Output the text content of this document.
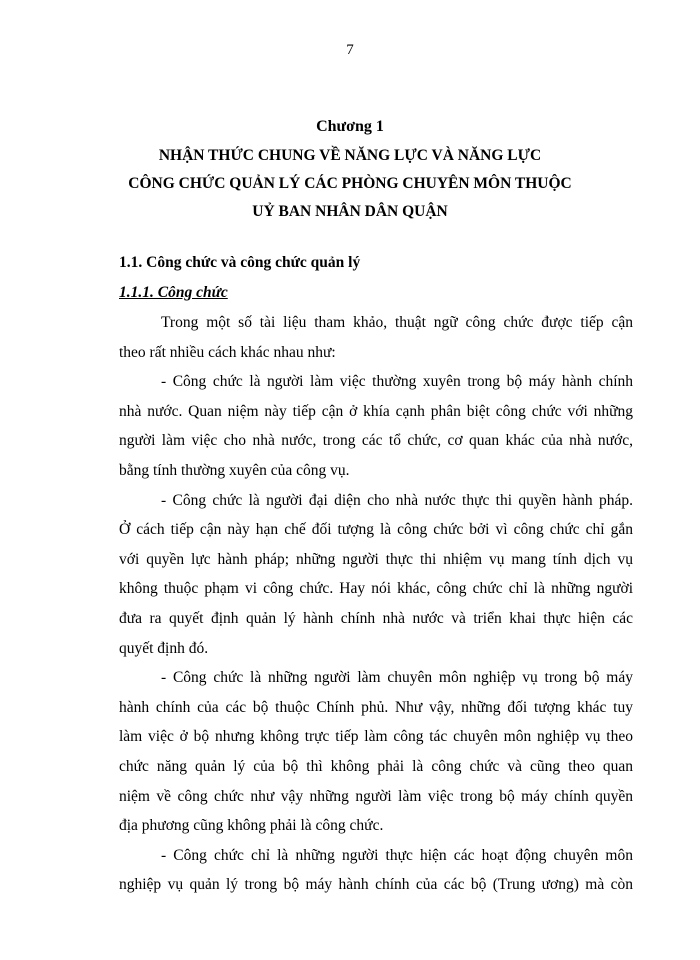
7

Chương 1

NHẬN THỨC CHUNG VỀ NĂNG LỰC VÀ NĂNG LỰC
CÔNG CHỨC QUẢN LÝ CÁC PHÒNG CHUYÊN MÔN THUỘC
UỶ BAN NHÂN DÂN QUẬN

1.1. Công chức và công chức quản lý

1.1.1. Công chức

Trong một số tài liệu tham khảo, thuật ngữ công chức được tiếp cận
theo rất nhiều cách khác nhau như:

- Công chức là người làm việc thường xuyên trong bộ máy hành chính
nhà nước. Quan niệm này tiếp cận ở khía cạnh phân biệt công chức với những
người làm việc cho nhà nước, trong các tổ chức, cơ quan khác của nhà nước,
bằng tính thường xuyên của công vụ.

- Công chức là người đại diện cho nhà nước thực thi quyền hành pháp.
Ở cách tiếp cận này hạn chế đối tượng là công chức bởi vì công chức chỉ gắn
với quyền lực hành pháp; những người thực thi nhiệm vụ mang tính dịch vụ
không thuộc phạm vi công chức. Hay nói khác, công chức chỉ là những người
đưa ra quyết định quản lý hành chính nhà nước và triển khai thực hiện các
quyết định đó.

- Công chức là những người làm chuyên môn nghiệp vụ trong bộ máy
hành chính của các bộ thuộc Chính phủ. Như vậy, những đối tượng khác tuy
làm việc ở bộ nhưng không trực tiếp làm công tác chuyên môn nghiệp vụ theo
chức năng quản lý của bộ thì không phải là công chức và cũng theo quan
niệm về công chức như vậy những người làm việc trong bộ máy chính quyền
địa phương cũng không phải là công chức.

- Công chức chỉ là những người thực hiện các hoạt động chuyên môn
nghiệp vụ quản lý trong bộ máy hành chính của các bộ (Trung ương) mà còn
